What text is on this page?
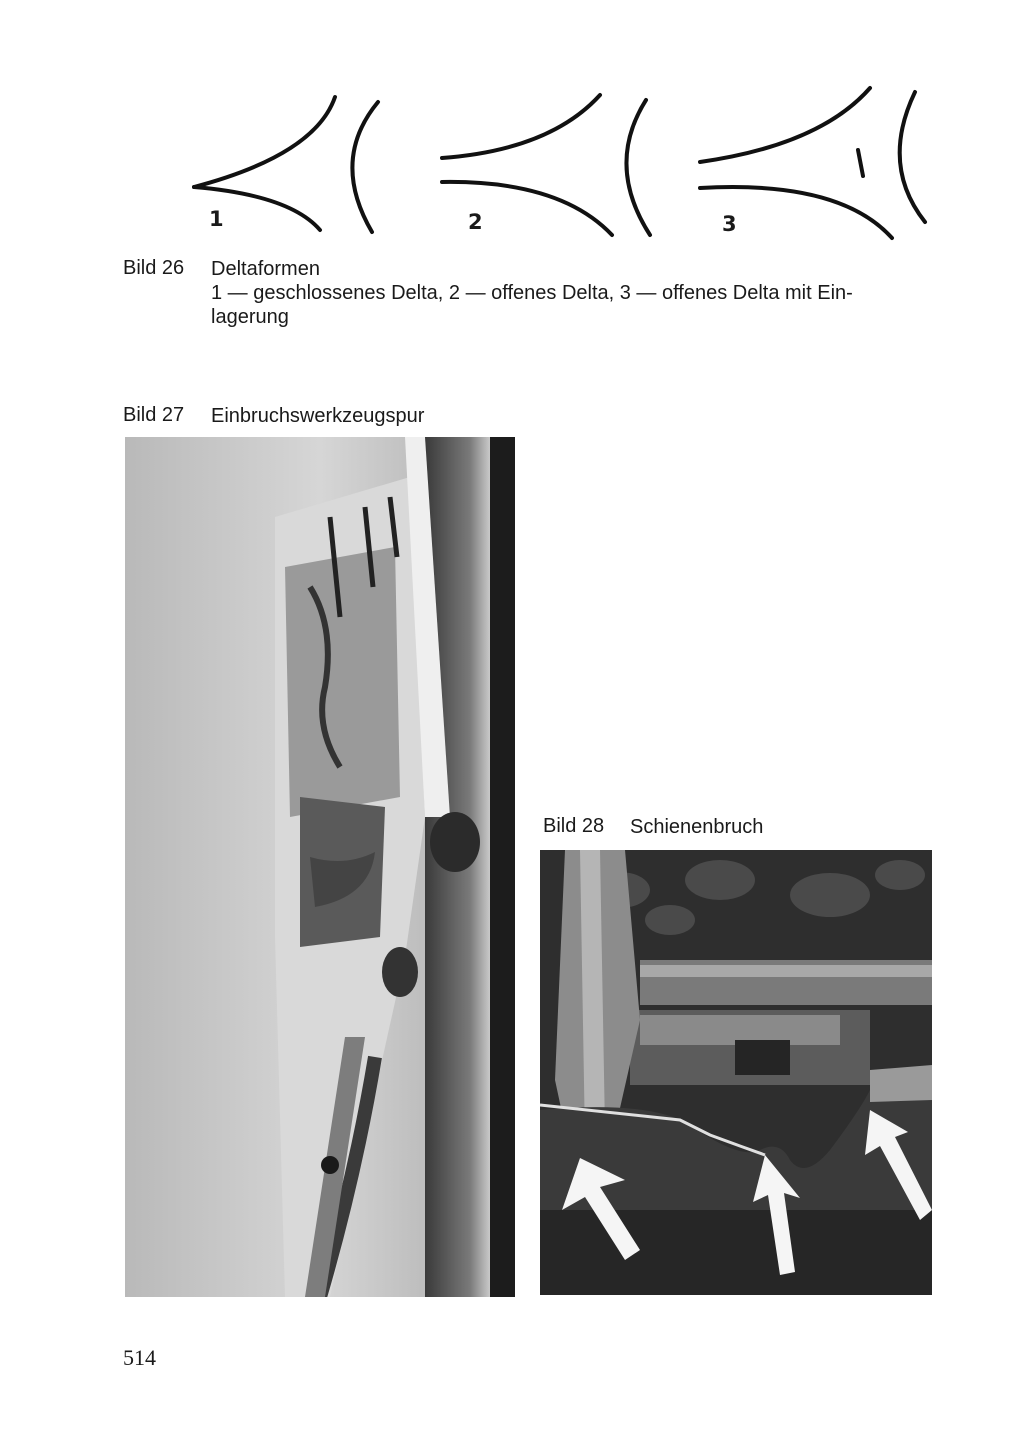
1	2	3
Bild 26 Deltaformen
1 — geschlossenes Delta, 2 — offenes Delta, 3 — offenes Delta mit Ein-
lagerung
Bild 27 Einbruchswerkzeugspur
Bild 28 Schienenbruch
514
